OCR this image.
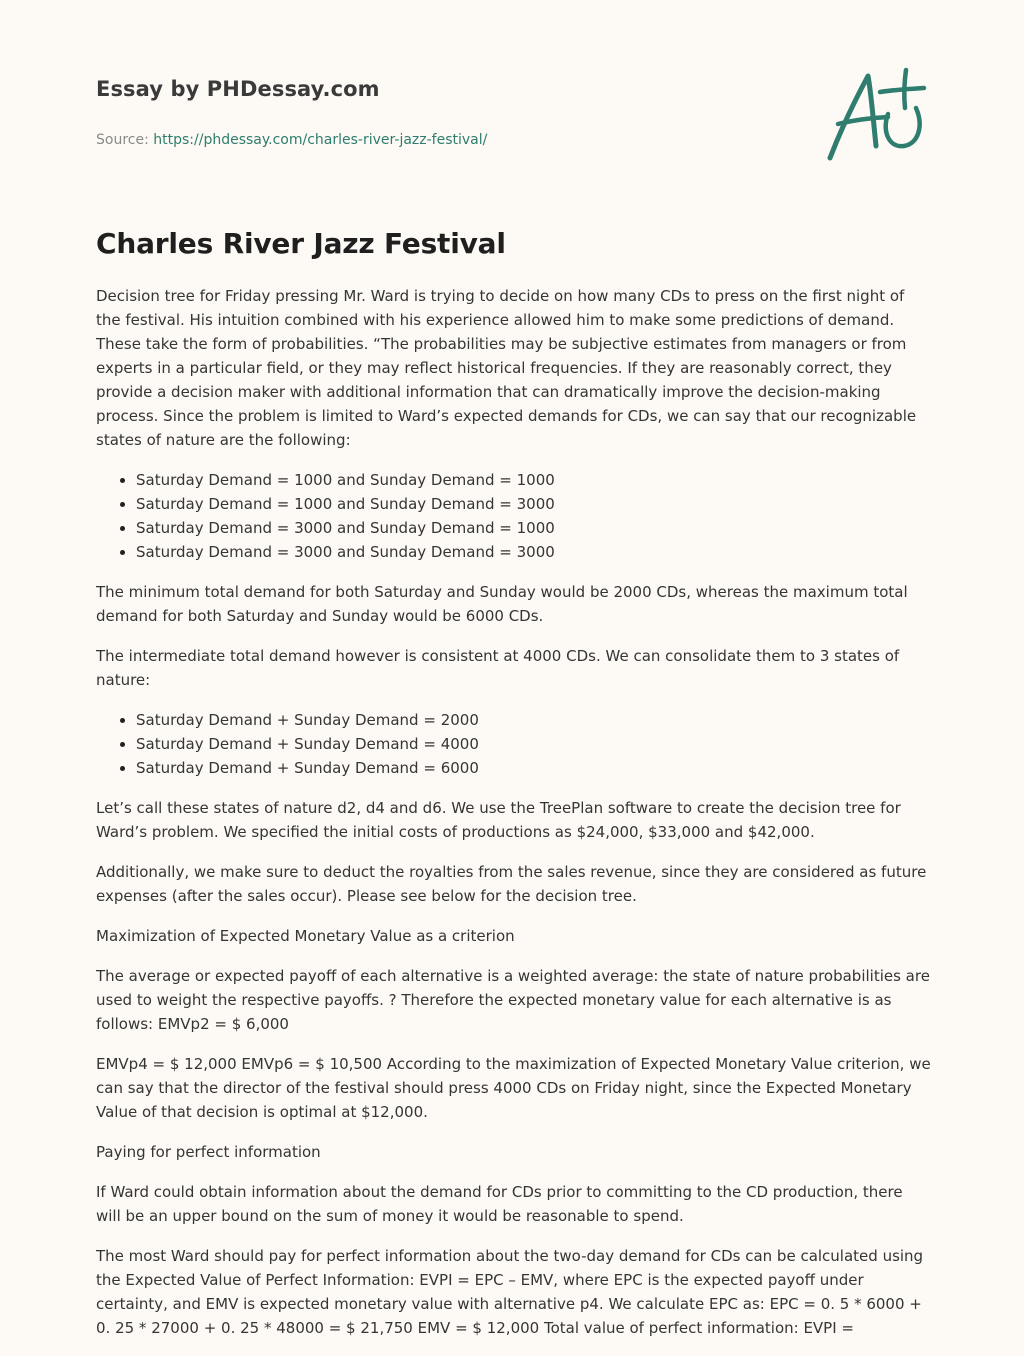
Essay by PHDessay.com
Source: https://phdessay.com/charles-river-jazz-festival/
Charles River Jazz Festival

Decision tree for Friday pressing Mr. Ward is trying to decide on how many CDs to press on the first night of the festival. His intuition combined with his experience allowed him to make some predictions of demand. These take the form of probabilities. “The probabilities may be subjective estimates from managers or from experts in a particular field, or they may reflect historical frequencies. If they are reasonably correct, they provide a decision maker with additional information that can dramatically improve the decision-making process. Since the problem is limited to Ward’s expected demands for CDs, we can say that our recognizable states of nature are the following:

• Saturday Demand = 1000 and Sunday Demand = 1000
• Saturday Demand = 1000 and Sunday Demand = 3000
• Saturday Demand = 3000 and Sunday Demand = 1000
• Saturday Demand = 3000 and Sunday Demand = 3000

The minimum total demand for both Saturday and Sunday would be 2000 CDs, whereas the maximum total demand for both Saturday and Sunday would be 6000 CDs.

The intermediate total demand however is consistent at 4000 CDs. We can consolidate them to 3 states of nature:

• Saturday Demand + Sunday Demand = 2000
• Saturday Demand + Sunday Demand = 4000
• Saturday Demand + Sunday Demand = 6000

Let’s call these states of nature d2, d4 and d6. We use the TreePlan software to create the decision tree for Ward’s problem. We specified the initial costs of productions as $24,000, $33,000 and $42,000.

Additionally, we make sure to deduct the royalties from the sales revenue, since they are considered as future expenses (after the sales occur). Please see below for the decision tree.

Maximization of Expected Monetary Value as a criterion

The average or expected payoff of each alternative is a weighted average: the state of nature probabilities are used to weight the respective payoffs. ? Therefore the expected monetary value for each alternative is as follows: EMVp2 = $ 6,000

EMVp4 = $ 12,000 EMVp6 = $ 10,500 According to the maximization of Expected Monetary Value criterion, we can say that the director of the festival should press 4000 CDs on Friday night, since the Expected Monetary Value of that decision is optimal at $12,000.

Paying for perfect information

If Ward could obtain information about the demand for CDs prior to committing to the CD production, there will be an upper bound on the sum of money it would be reasonable to spend.

The most Ward should pay for perfect information about the two-day demand for CDs can be calculated using the Expected Value of Perfect Information: EVPI = EPC – EMV, where EPC is the expected payoff under certainty, and EMV is expected monetary value with alternative p4. We calculate EPC as: EPC = 0. 5 * 6000 + 0. 25 * 27000 + 0. 25 * 48000 = $ 21,750 EMV = $ 12,000 Total value of perfect information: EVPI =
